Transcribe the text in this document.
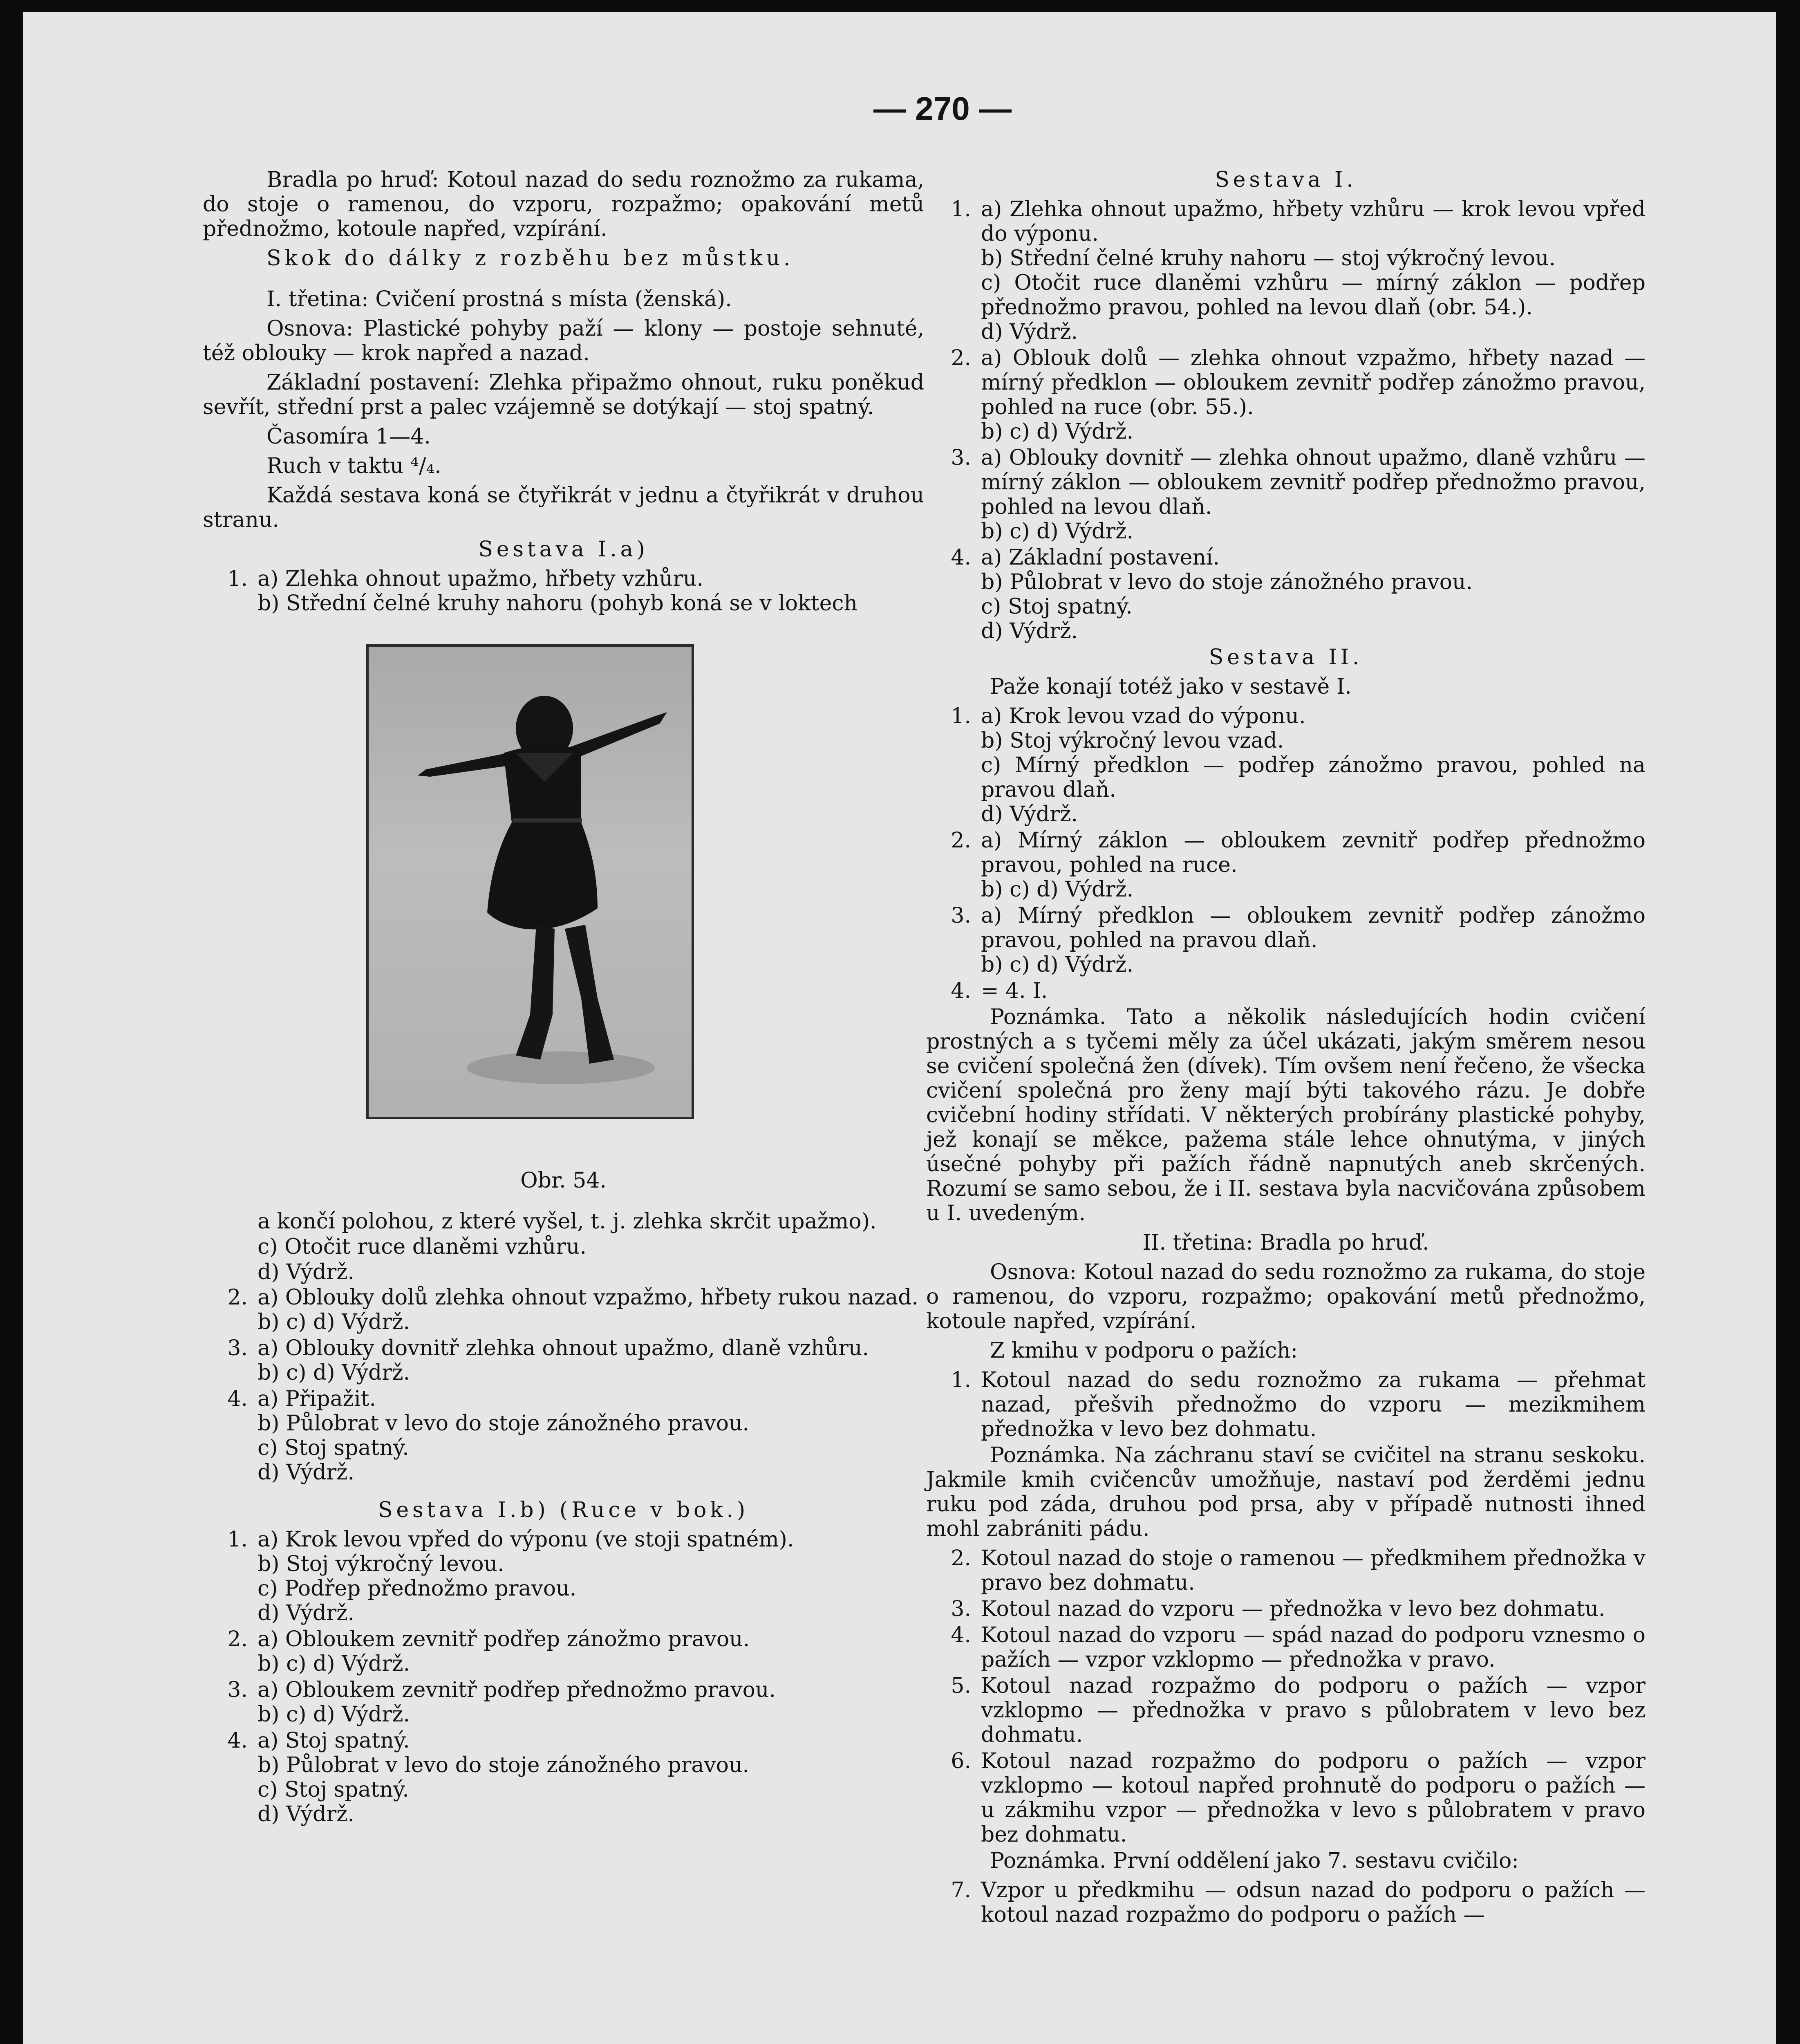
— 270 —

Bradla po hruď: Kotoul nazad do sedu roznožmo za rukama, do stoje o ramenou, do vzporu, rozpažmo; opakování metů přednožmo, kotoule napřed, vzpírání.

Skok do dálky z rozběhu bez můstku.

I. třetina: Cvičení prostná s místa (ženská).

Osnova: Plastické pohyby paží — klony — postoje sehnuté, též oblouky — krok napřed a nazad.

Základní postavení: Zlehka připažmo ohnout, ruku poněkud sevřít, střední prst a palec vzájemně se dotýkají — stoj spatný.

Časomíra 1—4.

Ruch v taktu ⁴/₄.

Každá sestava koná se čtyřikrát v jednu a čtyřikrát v druhou stranu.

Sestava I.a)

1. a) Zlehka ohnout upažmo, hřbety vzhůru.
b) Střední čelné kruhy nahoru (pohyb koná se v loktech
Obr. 54.
a končí polohou, z které vyšel, t. j. zlehka skrčit upažmo).
c) Otočit ruce dlaněmi vzhůru.
d) Výdrž.
2. a) Oblouky dolů zlehka ohnout vzpažmo, hřbety rukou nazad.
b) c) d) Výdrž.
3. a) Oblouky dovnitř zlehka ohnout upažmo, dlaně vzhůru.
b) c) d) Výdrž.
4. a) Připažit.
b) Půlobrat v levo do stoje zánožného pravou.
c) Stoj spatný.
d) Výdrž.

Sestava I.b) (Ruce v bok.)

1. a) Krok levou vpřed do výponu (ve stoji spatném).
b) Stoj výkročný levou.
c) Podřep přednožmo pravou.
d) Výdrž.
2. a) Obloukem zevnitř podřep zánožmo pravou.
b) c) d) Výdrž.
3. a) Obloukem zevnitř podřep přednožmo pravou.
b) c) d) Výdrž.
4. a) Stoj spatný.
b) Půlobrat v levo do stoje zánožného pravou.
c) Stoj spatný.
d) Výdrž.

Sestava I.

1. a) Zlehka ohnout upažmo, hřbety vzhůru — krok levou vpřed do výponu.
b) Střední čelné kruhy nahoru — stoj výkročný levou.
c) Otočit ruce dlaněmi vzhůru — mírný záklon — podřep přednožmo pravou, pohled na levou dlaň (obr. 54.).
d) Výdrž.
2. a) Oblouk dolů — zlehka ohnout vzpažmo, hřbety nazad — mírný předklon — obloukem zevnitř podřep zánožmo pravou, pohled na ruce (obr. 55.).
b) c) d) Výdrž.
3. a) Oblouky dovnitř — zlehka ohnout upažmo, dlaně vzhůru — mírný záklon — obloukem zevnitř podřep přednožmo pravou, pohled na levou dlaň.
b) c) d) Výdrž.
4. a) Základní postavení.
b) Půlobrat v levo do stoje zánožného pravou.
c) Stoj spatný.
d) Výdrž.

Sestava II.

Paže konají totéž jako v sestavě I.

1. a) Krok levou vzad do výponu.
b) Stoj výkročný levou vzad.
c) Mírný předklon — podřep zánožmo pravou, pohled na pravou dlaň.
d) Výdrž.
2. a) Mírný záklon — obloukem zevnitř podřep přednožmo pravou, pohled na ruce.
b) c) d) Výdrž.
3. a) Mírný předklon — obloukem zevnitř podřep zánožmo pravou, pohled na pravou dlaň.
b) c) d) Výdrž.
4. = 4. I.

Poznámka. Tato a několik následujících hodin cvičení prostných a s tyčemi měly za účel ukázati, jakým směrem nesou se cvičení společná žen (dívek). Tím ovšem není řečeno, že všecka cvičení společná pro ženy mají býti takového rázu. Je dobře cvičební hodiny střídati. V některých probírány plastické pohyby, jež konají se měkce, pažema stále lehce ohnutýma, v jiných úsečné pohyby při pažích řádně napnutých aneb skrčených. Rozumí se samo sebou, že i II. sestava byla nacvičována způsobem u I. uvedeným.

II. třetina: Bradla po hruď.

Osnova: Kotoul nazad do sedu roznožmo za rukama, do stoje o ramenou, do vzporu, rozpažmo; opakování metů přednožmo, kotoule napřed, vzpírání.

Z kmihu v podporu o pažích:

1. Kotoul nazad do sedu roznožmo za rukama — přehmat nazad, přešvih přednožmo do vzporu — mezikmihem přednožka v levo bez dohmatu.

Poznámka. Na záchranu staví se cvičitel na stranu seskoku. Jakmile kmih cvičencův umožňuje, nastaví pod žerděmi jednu ruku pod záda, druhou pod prsa, aby v případě nutnosti ihned mohl zabrániti pádu.

2. Kotoul nazad do stoje o ramenou — předkmihem přednožka v pravo bez dohmatu.
3. Kotoul nazad do vzporu — přednožka v levo bez dohmatu.
4. Kotoul nazad do vzporu — spád nazad do podporu vznesmo o pažích — vzpor vzklopmo — přednožka v pravo.
5. Kotoul nazad rozpažmo do podporu o pažích — vzpor vzklopmo — přednožka v pravo s půlobratem v levo bez dohmatu.
6. Kotoul nazad rozpažmo do podporu o pažích — vzpor vzklopmo — kotoul napřed prohnutě do podporu o pažích — u zákmihu vzpor — přednožka v levo s půlobratem v pravo bez dohmatu.

Poznámka. První oddělení jako 7. sestavu cvičilo:

7. Vzpor u předkmihu — odsun nazad do podporu o pažích — kotoul nazad rozpažmo do podporu o pažích —
